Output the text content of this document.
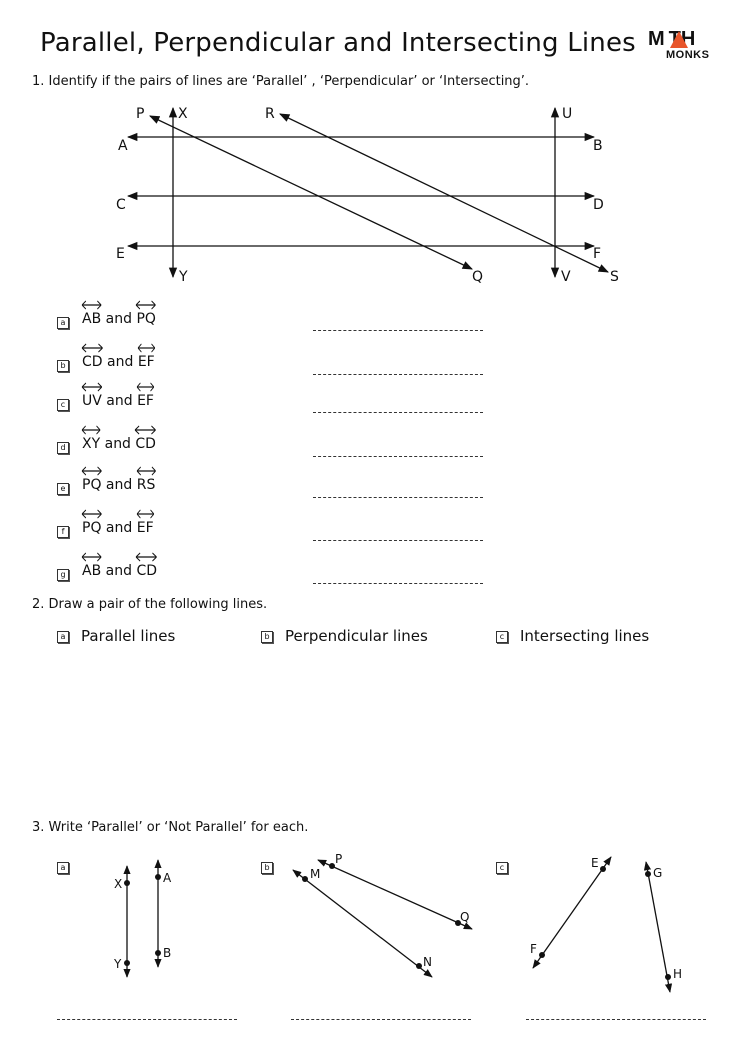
Parallel, Perpendicular and Intersecting Lines M TH
MONKS
1. Identify if the pairs of lines are ‘Parallel’ , ‘Perpendicular’ or ‘Intersecting’.
P X	R	U
A	B
C	D
E	F
Y	Q	V	S
a AB and PQ
b CD and EF
c UV and EF
d XY and CD
e PQ and RS
f	PQ and EF
g AB and CD
2. Draw a pair of the following lines.
a Parallel lines	b Perpendicular lines	c Intersecting lines
3. Write ‘Parallel’ or ‘Not Parallel’ for each.
a	b	c
X
Y
A
B
P
Q
M
N
E
F
G
H
